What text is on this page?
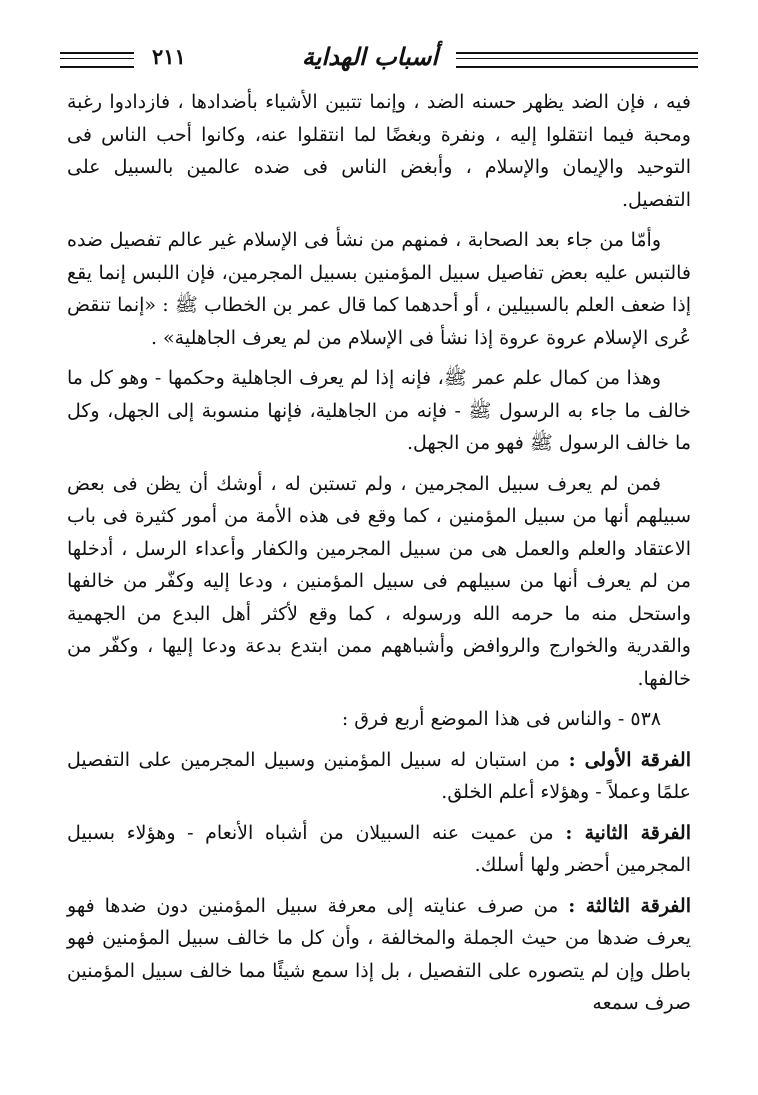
أسباب الهداية
٢١١

فيه ، فإن الضد يظهر حسنه الضد ، وإنما تتبين الأشياء بأضدادها ، فازدادوا رغبة ومحبة فيما انتقلوا إليه ، ونفرة وبغضًا لما انتقلوا عنه، وكانوا أحب الناس فى التوحيد والإيمان والإسلام ، وأبغض الناس فى ضده عالمين بالسبيل على التفصيل.

وأمّا من جاء بعد الصحابة ، فمنهم من نشأ فى الإسلام غير عالم تفصيل ضده فالتبس عليه بعض تفاصيل سبيل المؤمنين بسبيل المجرمين، فإن اللبس إنما يقع إذا ضعف العلم بالسبيلين ، أو أحدهما كما قال عمر بن الخطاب ﷺ : «إنما تنقض عُرى الإسلام عروة عروة إذا نشأ فى الإسلام من لم يعرف الجاهلية» .

وهذا من كمال علم عمر ﷺ، فإنه إذا لم يعرف الجاهلية وحكمها - وهو كل ما خالف ما جاء به الرسول ﷺ - فإنه من الجاهلية، فإنها منسوبة إلى الجهل، وكل ما خالف الرسول ﷺ فهو من الجهل.

فمن لم يعرف سبيل المجرمين ، ولم تستبن له ، أوشك أن يظن فى بعض سبيلهم أنها من سبيل المؤمنين ، كما وقع فى هذه الأمة من أمور كثيرة فى باب الاعتقاد والعلم والعمل هى من سبيل المجرمين والكفار وأعداء الرسل ، أدخلها من لم يعرف أنها من سبيلهم فى سبيل المؤمنين ، ودعا إليه وكفّر من خالفها واستحل منه ما حرمه الله ورسوله ، كما وقع لأكثر أهل البدع من الجهمية والقدرية والخوارج والروافض وأشباههم ممن ابتدع بدعة ودعا إليها ، وكفّر من خالفها.

٥٣٨ - والناس فى هذا الموضع أربع فرق :

الفرقة الأولى : من استبان له سبيل المؤمنين وسبيل المجرمين على التفصيل علمًا وعملاً - وهؤلاء أعلم الخلق.

الفرقة الثانية : من عميت عنه السبيلان من أشباه الأنعام - وهؤلاء بسبيل المجرمين أحضر ولها أسلك.

الفرقة الثالثة : من صرف عنايته إلى معرفة سبيل المؤمنين دون ضدها فهو يعرف ضدها من حيث الجملة والمخالفة ، وأن كل ما خالف سبيل المؤمنين فهو باطل وإن لم يتصوره على التفصيل ، بل إذا سمع شيئًا مما خالف سبيل المؤمنين صرف سمعه
